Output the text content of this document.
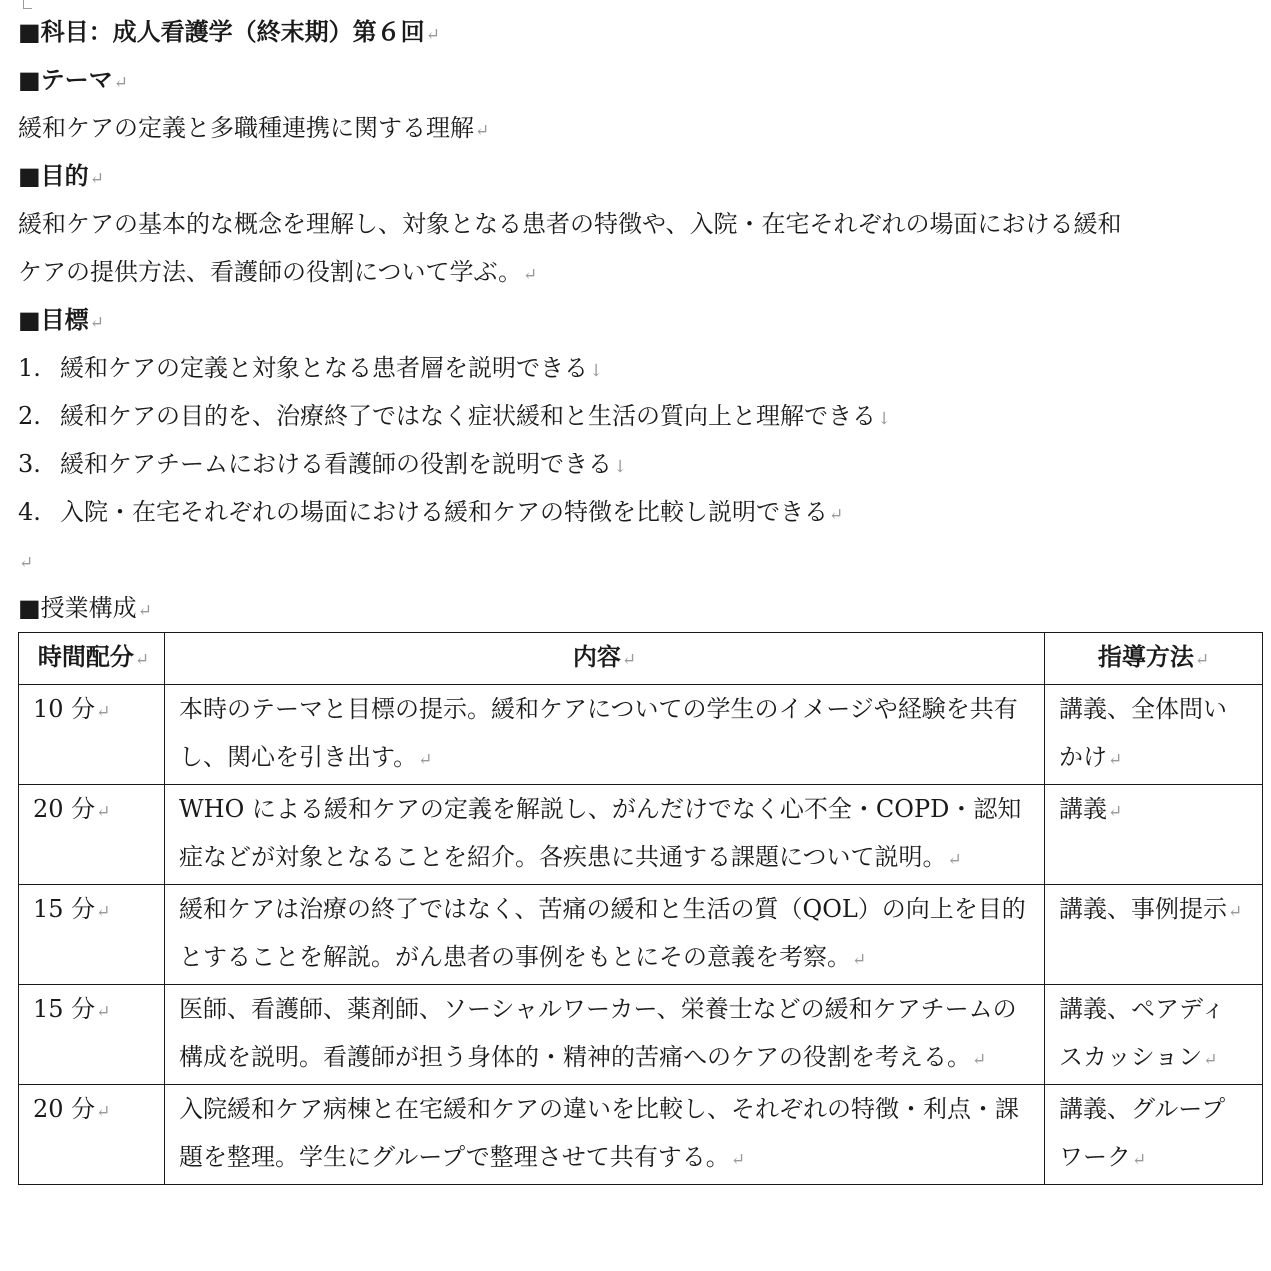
■科目：成人看護学（終末期）第６回↵
■テーマ↵
緩和ケアの定義と多職種連携に関する理解↵
■目的↵
緩和ケアの基本的な概念を理解し、対象となる患者の特徴や、入院・在宅それぞれの場面における緩和
ケアの提供方法、看護師の役割について学ぶ。↵
■目標↵
1. 緩和ケアの定義と対象となる患者層を説明できる↓
2. 緩和ケアの目的を、治療終了ではなく症状緩和と生活の質向上と理解できる↓
3. 緩和ケアチームにおける看護師の役割を説明できる↓
4. 入院・在宅それぞれの場面における緩和ケアの特徴を比較し説明できる↵
↵
■授業構成↵
時間配分↵	内容↵	指導方法↵
10 分↵	本時のテーマと目標の提示。緩和ケアについての学生のイメージや経験を共有し、関心を引き出す。↵	講義、全体問いかけ↵
20 分↵	WHO による緩和ケアの定義を解説し、がんだけでなく心不全・COPD・認知症などが対象となることを紹介。各疾患に共通する課題について説明。↵	講義↵
15 分↵	緩和ケアは治療の終了ではなく、苦痛の緩和と生活の質（QOL）の向上を目的とすることを解説。がん患者の事例をもとにその意義を考察。↵	講義、事例提示↵
15 分↵	医師、看護師、薬剤師、ソーシャルワーカー、栄養士などの緩和ケアチームの構成を説明。看護師が担う身体的・精神的苦痛へのケアの役割を考える。↵	講義、ペアディスカッション↵
20 分↵	入院緩和ケア病棟と在宅緩和ケアの違いを比較し、それぞれの特徴・利点・課題を整理。学生にグループで整理させて共有する。↵	講義、グループワーク↵
